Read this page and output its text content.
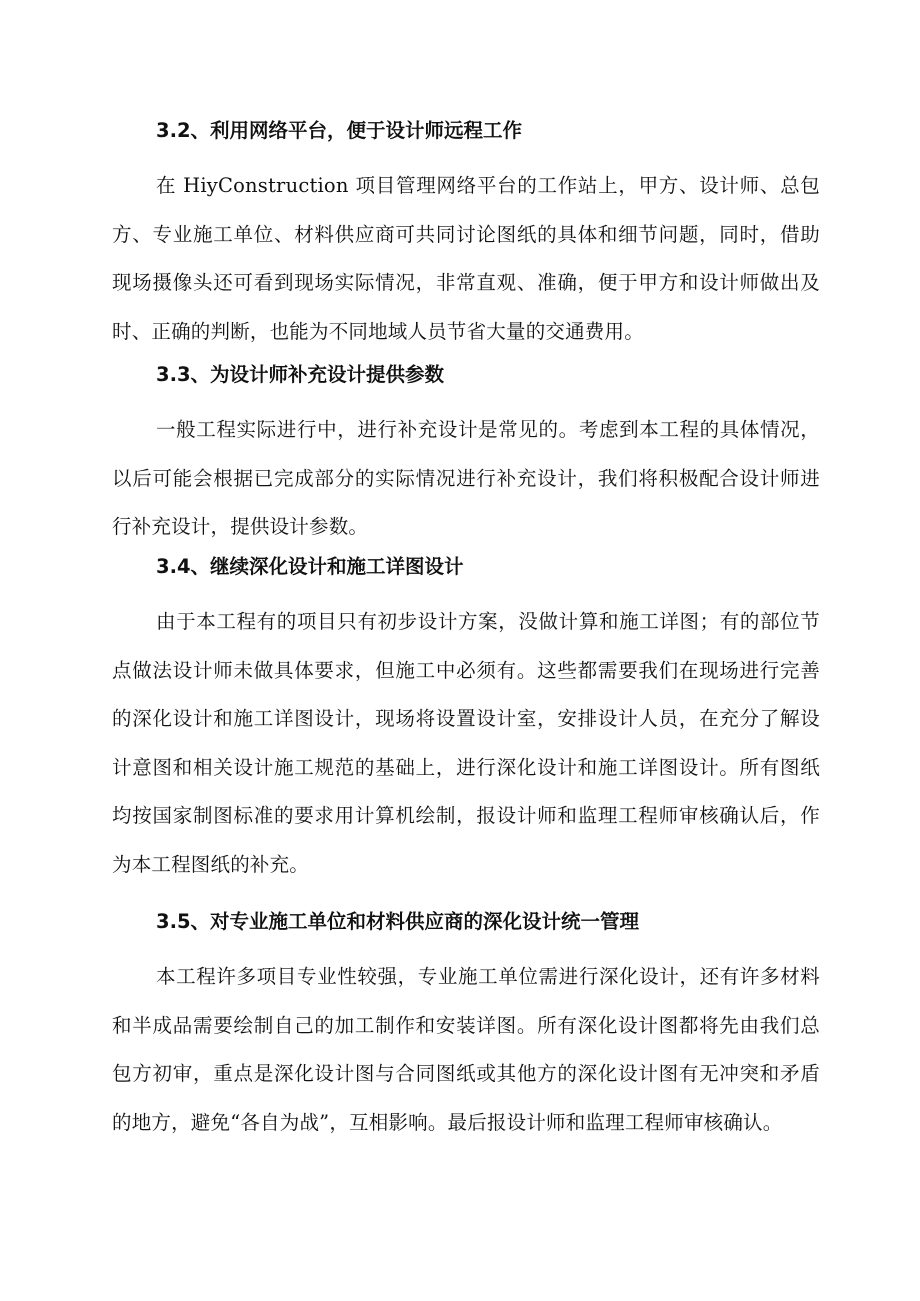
3.2、利用网络平台，便于设计师远程工作

在 HiyConstruction 项目管理网络平台的工作站上，甲方、设计师、总包方、专业施工单位、材料供应商可共同讨论图纸的具体和细节问题，同时，借助现场摄像头还可看到现场实际情况，非常直观、准确，便于甲方和设计师做出及时、正确的判断，也能为不同地域人员节省大量的交通费用。

3.3、为设计师补充设计提供参数

一般工程实际进行中，进行补充设计是常见的。考虑到本工程的具体情况，以后可能会根据已完成部分的实际情况进行补充设计，我们将积极配合设计师进行补充设计，提供设计参数。

3.4、继续深化设计和施工详图设计

由于本工程有的项目只有初步设计方案，没做计算和施工详图；有的部位节点做法设计师未做具体要求，但施工中必须有。这些都需要我们在现场进行完善的深化设计和施工详图设计，现场将设置设计室，安排设计人员，在充分了解设计意图和相关设计施工规范的基础上，进行深化设计和施工详图设计。所有图纸均按国家制图标准的要求用计算机绘制，报设计师和监理工程师审核确认后，作为本工程图纸的补充。

3.5、对专业施工单位和材料供应商的深化设计统一管理

本工程许多项目专业性较强，专业施工单位需进行深化设计，还有许多材料和半成品需要绘制自己的加工制作和安装详图。所有深化设计图都将先由我们总包方初审，重点是深化设计图与合同图纸或其他方的深化设计图有无冲突和矛盾的地方，避免“各自为战”，互相影响。最后报设计师和监理工程师审核确认。
